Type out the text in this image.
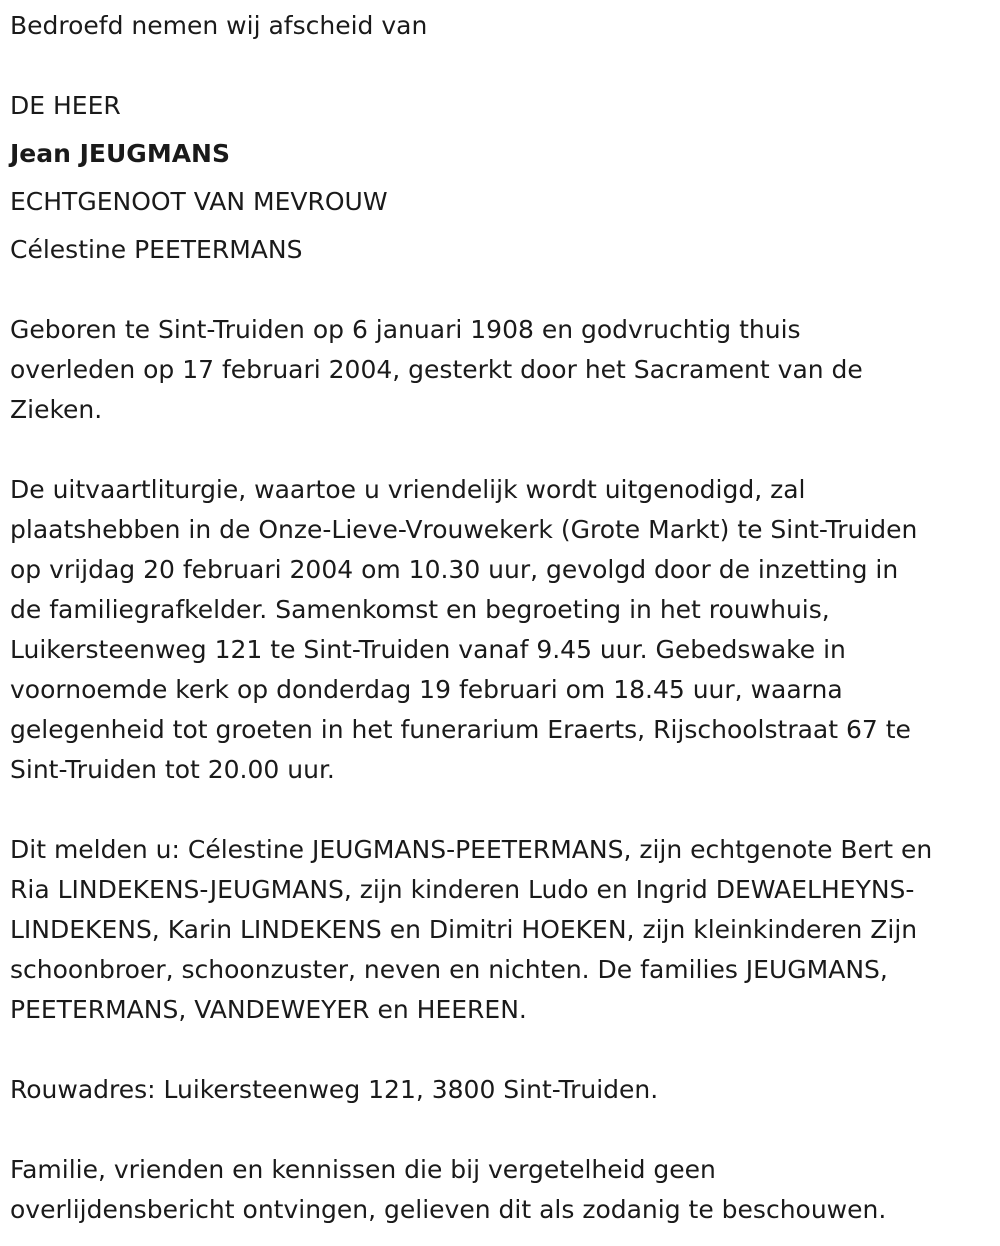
Bedroefd nemen wij afscheid van

DE HEER

Jean JEUGMANS

ECHTGENOOT VAN MEVROUW

Célestine PEETERMANS

Geboren te Sint-Truiden op 6 januari 1908 en godvruchtig thuis
overleden op 17 februari 2004, gesterkt door het Sacrament van de
Zieken.

De uitvaartliturgie, waartoe u vriendelijk wordt uitgenodigd, zal
plaatshebben in de Onze-Lieve-Vrouwekerk (Grote Markt) te Sint-Truiden
op vrijdag 20 februari 2004 om 10.30 uur, gevolgd door de inzetting in
de familiegrafkelder. Samenkomst en begroeting in het rouwhuis,
Luikersteenweg 121 te Sint-Truiden vanaf 9.45 uur. Gebedswake in
voornoemde kerk op donderdag 19 februari om 18.45 uur, waarna
gelegenheid tot groeten in het funerarium Eraerts, Rijschoolstraat 67 te
Sint-Truiden tot 20.00 uur.

Dit melden u: Célestine JEUGMANS-PEETERMANS, zijn echtgenote Bert en
Ria LINDEKENS-JEUGMANS, zijn kinderen Ludo en Ingrid DEWAELHEYNS-
LINDEKENS, Karin LINDEKENS en Dimitri HOEKEN, zijn kleinkinderen Zijn
schoonbroer, schoonzuster, neven en nichten. De families JEUGMANS,
PEETERMANS, VANDEWEYER en HEEREN.

Rouwadres: Luikersteenweg 121, 3800 Sint-Truiden.

Familie, vrienden en kennissen die bij vergetelheid geen
overlijdensbericht ontvingen, gelieven dit als zodanig te beschouwen.
